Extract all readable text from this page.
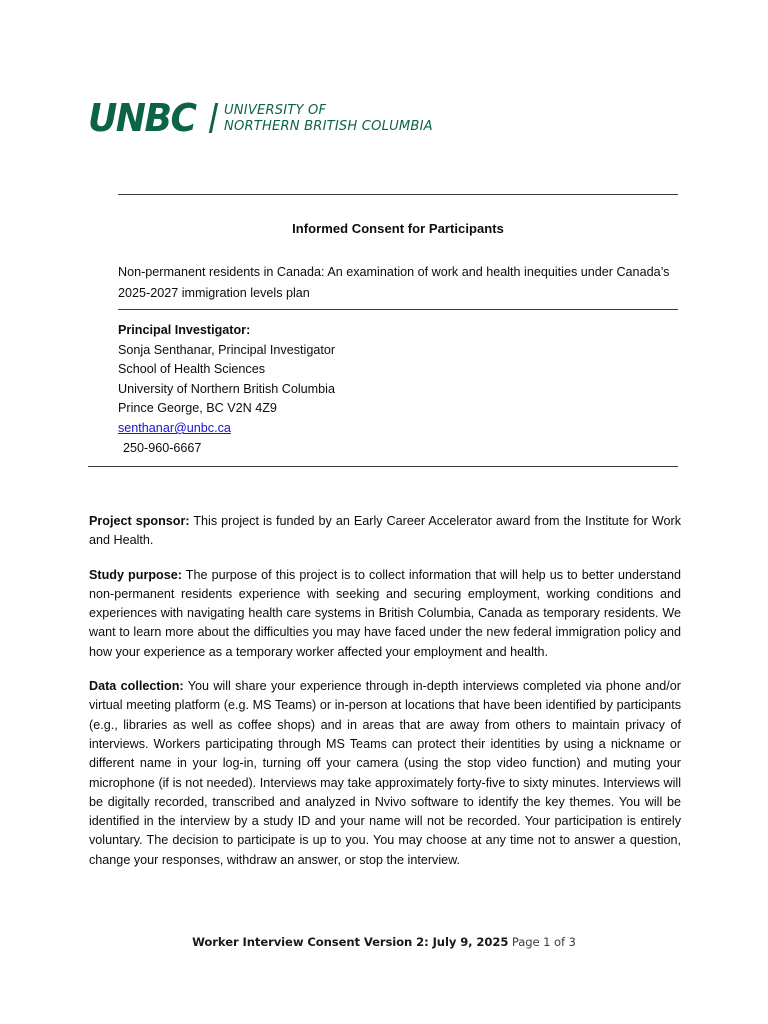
UNBC UNIVERSITY OF
NORTHERN BRITISH COLUMBIA
Informed Consent for Participants
Non-permanent residents in Canada: An examination of work and health inequities under Canada’s 2025-2027 immigration levels plan
Principal Investigator:
Sonja Senthanar, Principal Investigator
School of Health Sciences
University of Northern British Columbia
Prince George, BC V2N 4Z9
senthanar@unbc.ca
250-960-6667

Project sponsor: This project is funded by an Early Career Accelerator award from the Institute for Work and Health.

Study purpose: The purpose of this project is to collect information that will help us to better understand non-permanent residents experience with seeking and securing employment, working conditions and experiences with navigating health care systems in British Columbia, Canada as temporary residents. We want to learn more about the difficulties you may have faced under the new federal immigration policy and how your experience as a temporary worker affected your employment and health.

Data collection: You will share your experience through in-depth interviews completed via phone and/or virtual meeting platform (e.g. MS Teams) or in-person at locations that have been identified by participants (e.g., libraries as well as coffee shops) and in areas that are away from others to maintain privacy of interviews. Workers participating through MS Teams can protect their identities by using a nickname or different name in your log-in, turning off your camera (using the stop video function) and muting your microphone (if is not needed). Interviews may take approximately forty-five to sixty minutes. Interviews will be digitally recorded, transcribed and analyzed in Nvivo software to identify the key themes. You will be identified in the interview by a study ID and your name will not be recorded. Your participation is entirely voluntary. The decision to participate is up to you. You may choose at any time not to answer a question, change your responses, withdraw an answer, or stop the interview.

Worker Interview Consent Version 2: July 9, 2025 Page 1 of 3
